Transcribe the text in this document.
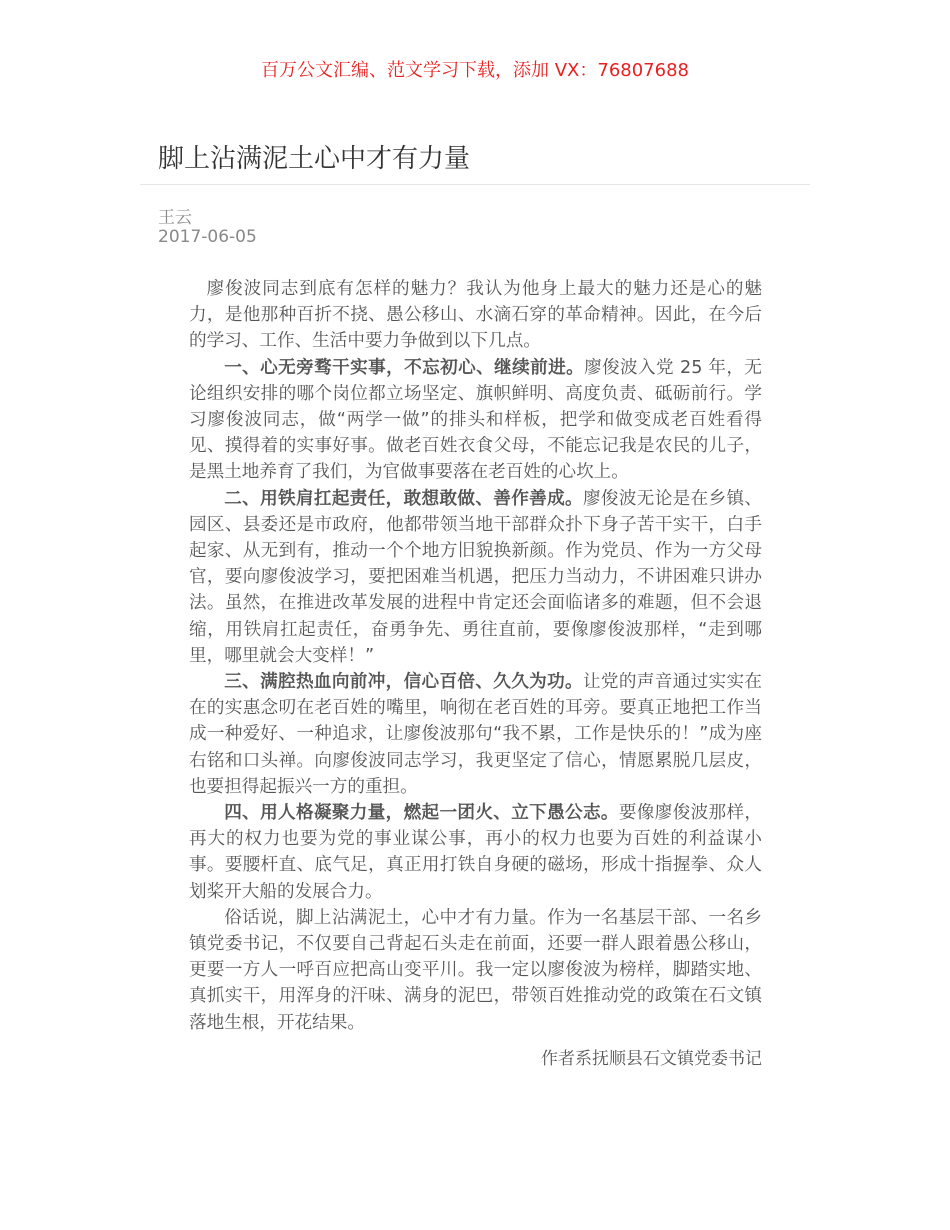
百万公文汇编、范文学习下载，添加 VX：76807688
脚上沾满泥土心中才有力量
王云
2017-06-05

廖俊波同志到底有怎样的魅力？我认为他身上最大的魅力还是心的魅力，是他那种百折不挠、愚公移山、水滴石穿的革命精神。因此，在今后的学习、工作、生活中要力争做到以下几点。

一、心无旁骛干实事，不忘初心、继续前进。廖俊波入党 25 年，无论组织安排的哪个岗位都立场坚定、旗帜鲜明、高度负责、砥砺前行。学习廖俊波同志，做“两学一做”的排头和样板，把学和做变成老百姓看得见、摸得着的实事好事。做老百姓衣食父母，不能忘记我是农民的儿子，是黑土地养育了我们，为官做事要落在老百姓的心坎上。

二、用铁肩扛起责任，敢想敢做、善作善成。廖俊波无论是在乡镇、园区、县委还是市政府，他都带领当地干部群众扑下身子苦干实干，白手起家、从无到有，推动一个个地方旧貌换新颜。作为党员、作为一方父母官，要向廖俊波学习，要把困难当机遇，把压力当动力，不讲困难只讲办法。虽然，在推进改革发展的进程中肯定还会面临诸多的难题，但不会退缩，用铁肩扛起责任，奋勇争先、勇往直前，要像廖俊波那样，“走到哪里，哪里就会大变样！”

三、满腔热血向前冲，信心百倍、久久为功。让党的声音通过实实在在的实惠念叨在老百姓的嘴里，响彻在老百姓的耳旁。要真正地把工作当成一种爱好、一种追求，让廖俊波那句“我不累，工作是快乐的！”成为座右铭和口头禅。向廖俊波同志学习，我更坚定了信心，情愿累脱几层皮，也要担得起振兴一方的重担。

四、用人格凝聚力量，燃起一团火、立下愚公志。要像廖俊波那样，再大的权力也要为党的事业谋公事，再小的权力也要为百姓的利益谋小事。要腰杆直、底气足，真正用打铁自身硬的磁场，形成十指握拳、众人划桨开大船的发展合力。

俗话说，脚上沾满泥土，心中才有力量。作为一名基层干部、一名乡镇党委书记，不仅要自己背起石头走在前面，还要一群人跟着愚公移山，更要一方人一呼百应把高山变平川。我一定以廖俊波为榜样，脚踏实地、真抓实干，用浑身的汗味、满身的泥巴，带领百姓推动党的政策在石文镇落地生根，开花结果。

作者系抚顺县石文镇党委书记
